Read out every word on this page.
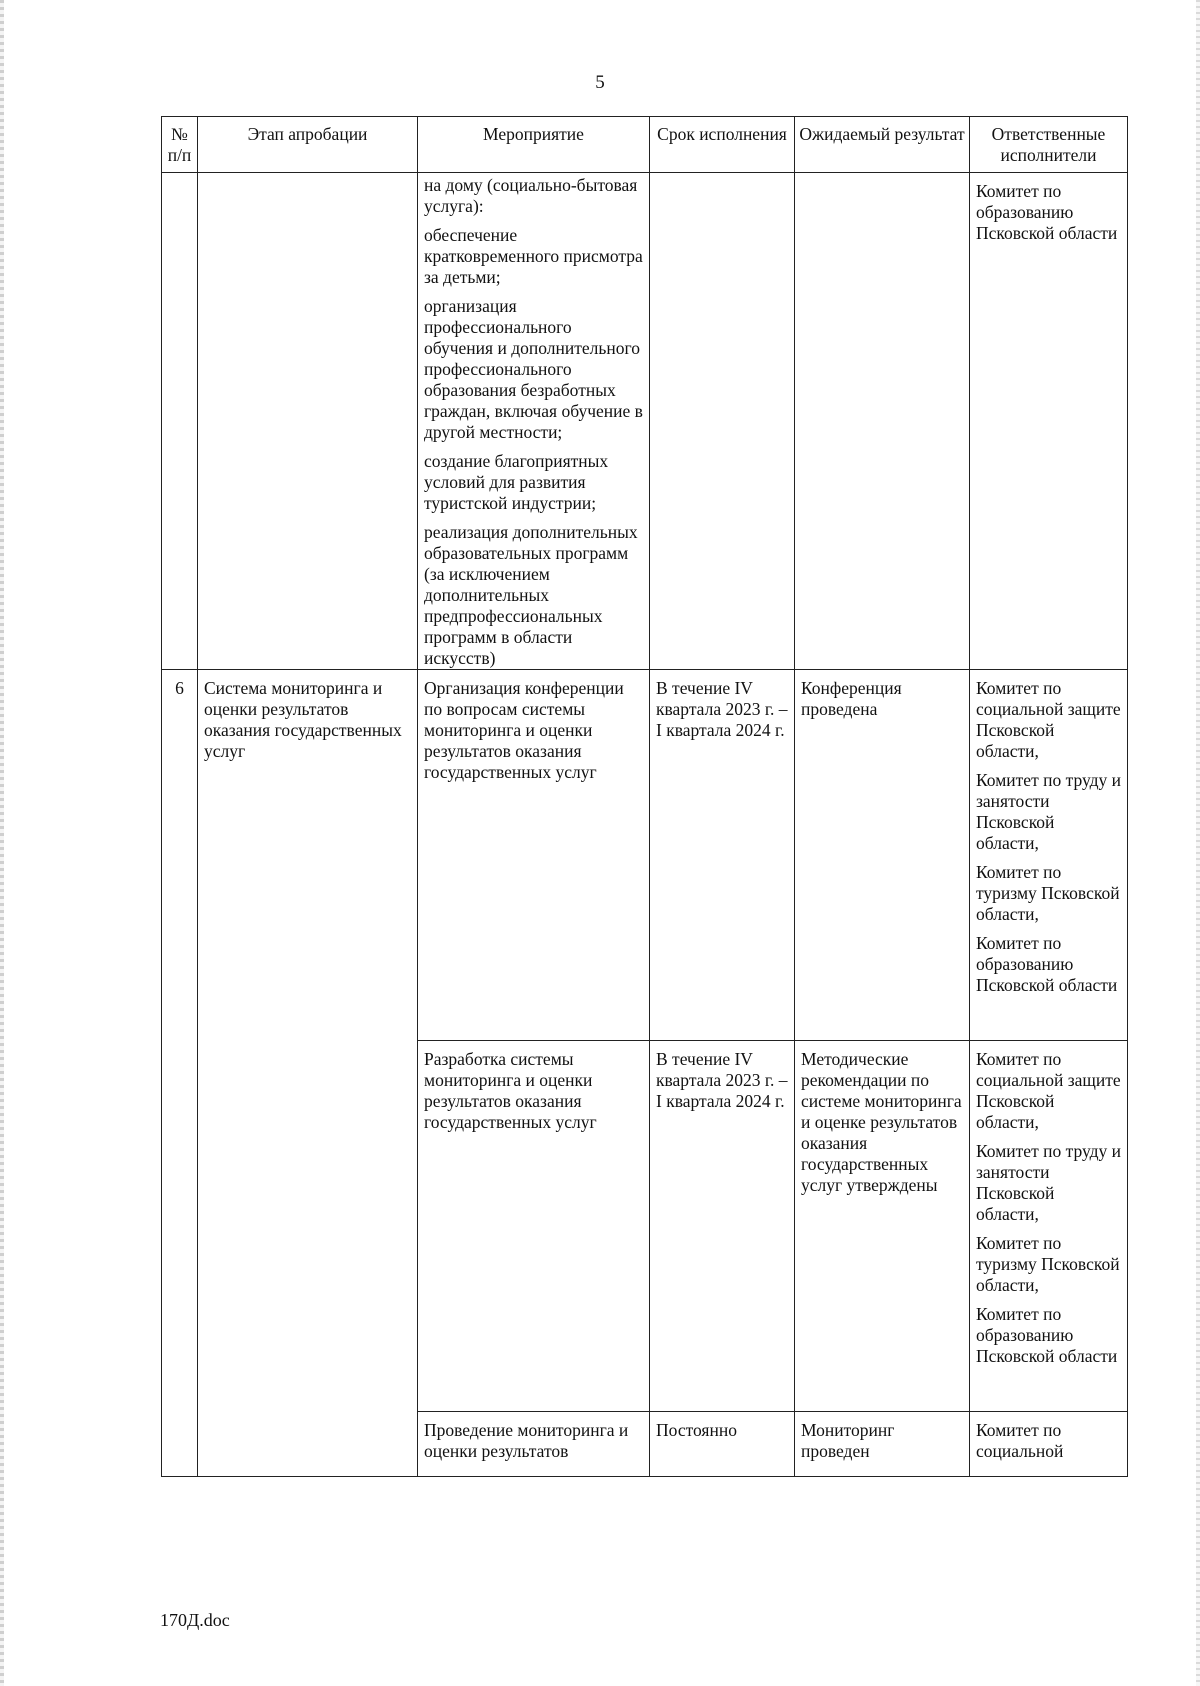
5
№ п/п	Этап апробации	Мероприятие	Срок исполнения	Ожидаемый результат	Ответственные исполнители

		на дому (социально-бытовая услуга):
обеспечение кратковременного присмотра за детьми;
организация профессионального обучения и дополнительного профессионального образования безработных граждан, включая обучение в другой местности;
создание благоприятных условий для развития туристской индустрии;
реализация дополнительных образовательных программ (за исключением дополнительных предпрофессиональных программ в области искусств)			Комитет по образованию Псковской области

6	Система мониторинга и оценки результатов оказания государственных услуг	Организация конференции по вопросам системы мониторинга и оценки результатов оказания государственных услуг	В течение IV квартала 2023 г. – I квартала 2024 г.	Конференция проведена	Комитет по социальной защите Псковской области,
Комитет по труду и занятости Псковской области,
Комитет по туризму Псковской области,
Комитет по образованию Псковской области

		Разработка системы мониторинга и оценки результатов оказания государственных услуг	В течение IV квартала 2023 г. – I квартала 2024 г.	Методические рекомендации по системе мониторинга и оценке результатов оказания государственных услуг утверждены	Комитет по социальной защите Псковской области,
Комитет по труду и занятости Псковской области,
Комитет по туризму Псковской области,
Комитет по образованию Псковской области

		Проведение мониторинга и оценки результатов	Постоянно	Мониторинг проведен	Комитет по социальной
170Д.doc
